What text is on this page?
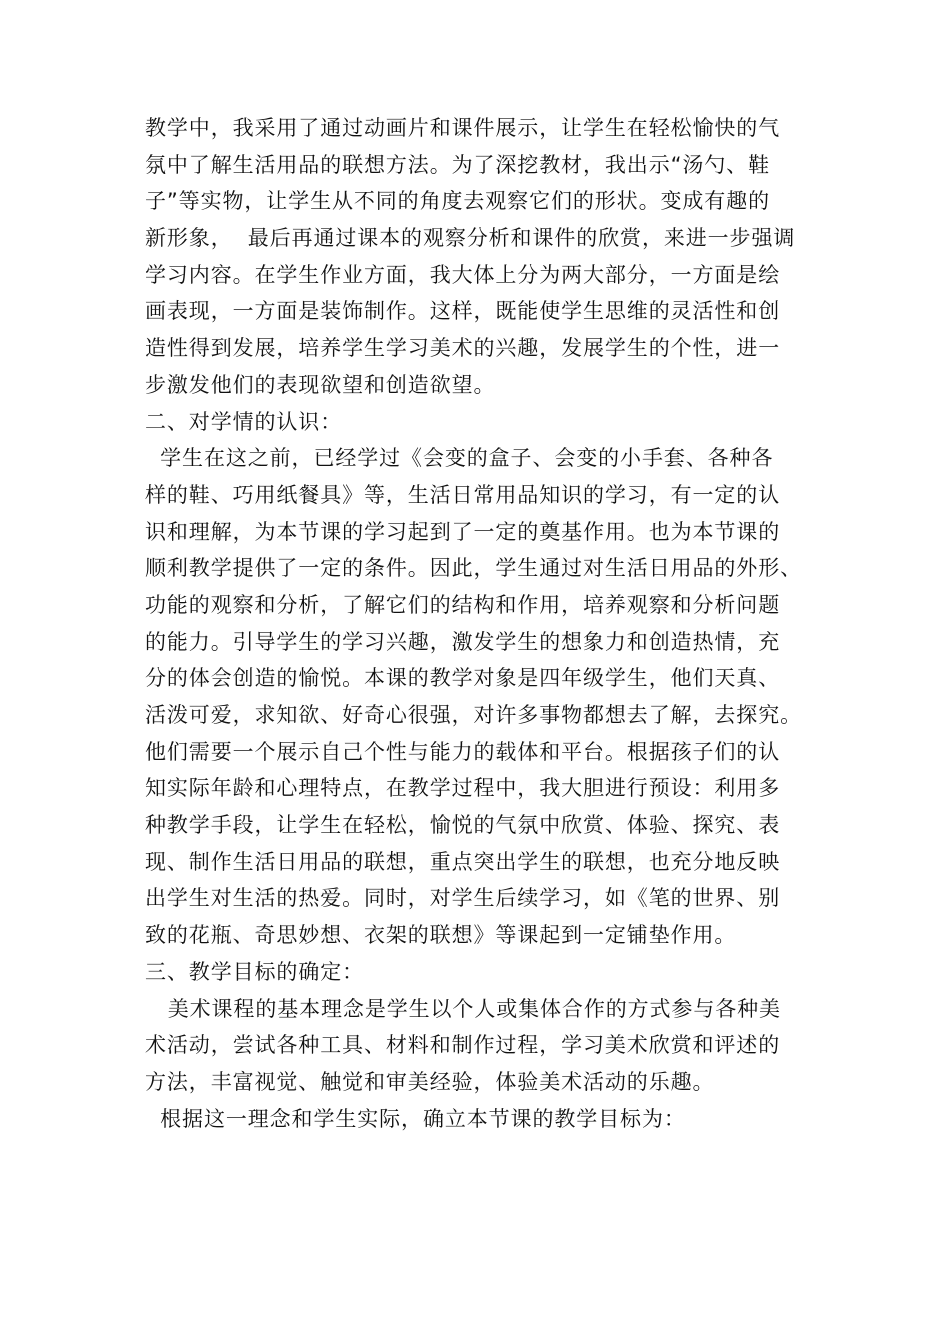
教学中，我采用了通过动画片和课件展示，让学生在轻松愉快的气
氛中了解生活用品的联想方法。为了深挖教材，我出示“汤勺、鞋
子”等实物，让学生从不同的角度去观察它们的形状。变成有趣的
新形象，  最后再通过课本的观察分析和课件的欣赏，来进一步强调
学习内容。在学生作业方面，我大体上分为两大部分，一方面是绘
画表现，一方面是装饰制作。这样，既能使学生思维的灵活性和创
造性得到发展，培养学生学习美术的兴趣，发展学生的个性，进一
步激发他们的表现欲望和创造欲望。
二、对学情的认识：
学生在这之前，已经学过《会变的盒子、会变的小手套、各种各
样的鞋、巧用纸餐具》等，生活日常用品知识的学习，有一定的认
识和理解，为本节课的学习起到了一定的奠基作用。也为本节课的
顺利教学提供了一定的条件。因此，学生通过对生活日用品的外形、
功能的观察和分析，了解它们的结构和作用，培养观察和分析问题
的能力。引导学生的学习兴趣，激发学生的想象力和创造热情，充
分的体会创造的愉悦。本课的教学对象是四年级学生，他们天真、
活泼可爱，求知欲、好奇心很强，对许多事物都想去了解，去探究。
他们需要一个展示自己个性与能力的载体和平台。根据孩子们的认
知实际年龄和心理特点，在教学过程中，我大胆进行预设：利用多
种教学手段，让学生在轻松，愉悦的气氛中欣赏、体验、探究、表
现、制作生活日用品的联想，重点突出学生的联想，也充分地反映
出学生对生活的热爱。同时，对学生后续学习，如《笔的世界、别
致的花瓶、奇思妙想、衣架的联想》等课起到一定铺垫作用。
三、教学目标的确定：
美术课程的基本理念是学生以个人或集体合作的方式参与各种美
术活动，尝试各种工具、材料和制作过程，学习美术欣赏和评述的
方法，丰富视觉、触觉和审美经验，体验美术活动的乐趣。
根据这一理念和学生实际，确立本节课的教学目标为：
